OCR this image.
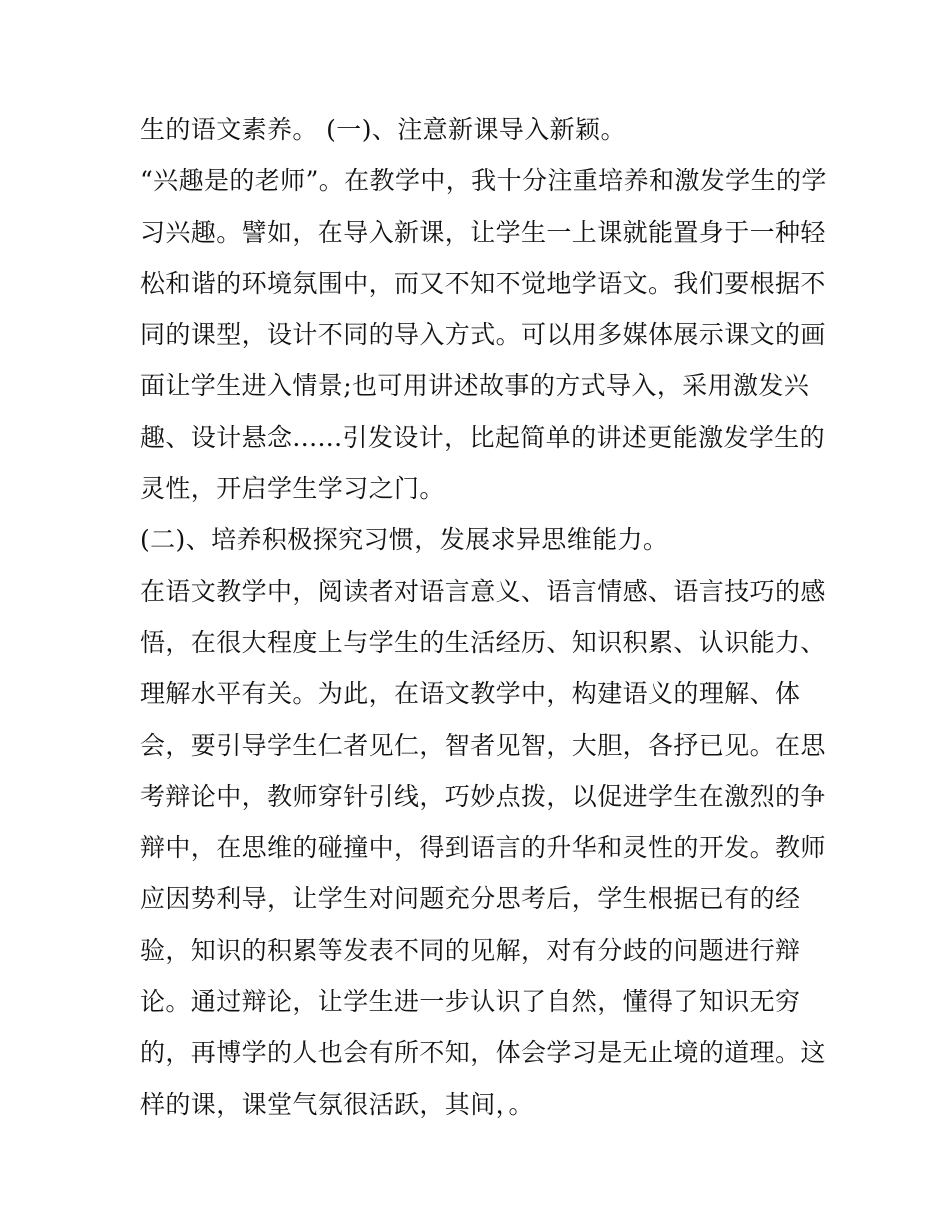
生的语文素养。 (一)、注意新课导入新颖。
“兴趣是的老师”。在教学中，我十分注重培养和激发学生的学
习兴趣。譬如，在导入新课，让学生一上课就能置身于一种轻
松和谐的环境氛围中，而又不知不觉地学语文。我们要根据不
同的课型，设计不同的导入方式。可以用多媒体展示课文的画
面让学生进入情景;也可用讲述故事的方式导入，采用激发兴
趣、设计悬念......引发设计，比起简单的讲述更能激发学生的
灵性，开启学生学习之门。
(二)、培养积极探究习惯，发展求异思维能力。
在语文教学中，阅读者对语言意义、语言情感、语言技巧的感
悟，在很大程度上与学生的生活经历、知识积累、认识能力、
理解水平有关。为此，在语文教学中，构建语义的理解、体
会，要引导学生仁者见仁，智者见智，大胆，各抒已见。在思
考辩论中，教师穿针引线，巧妙点拨，以促进学生在激烈的争
辩中，在思维的碰撞中，得到语言的升华和灵性的开发。教师
应因势利导，让学生对问题充分思考后，学生根据已有的经
验，知识的积累等发表不同的见解，对有分歧的问题进行辩
论。通过辩论，让学生进一步认识了自然，懂得了知识无穷
的，再博学的人也会有所不知，体会学习是无止境的道理。这
样的课，课堂气氛很活跃，其间，。
